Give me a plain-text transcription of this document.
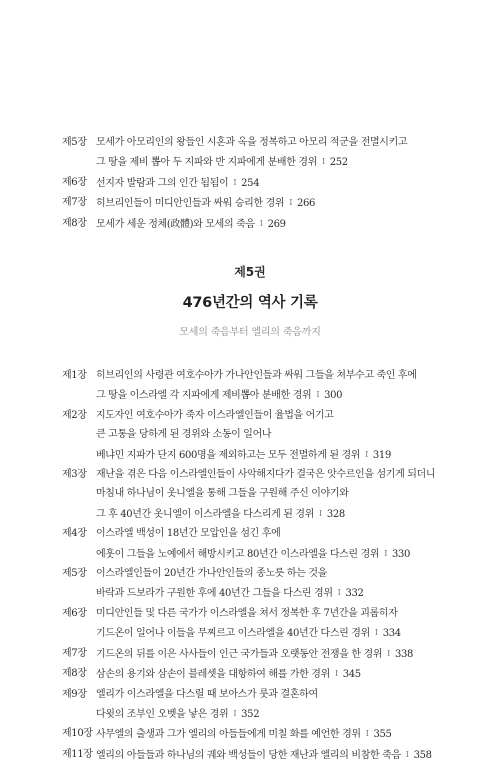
제5장 모세가 아모리인의 왕들인 시혼과 옥을 정복하고 아모리 적군을 전멸시키고
그 땅을 제비 뽑아 두 지파와 반 지파에게 분배한 경위 I 252
제6장 선지자 발람과 그의 인간 됨됨이 I 254
제7장 히브리인들이 미디안인들과 싸워 승리한 경위 I 266
제8장 모세가 세운 정체(政體)와 모세의 죽음 I 269
제5권
476년간의 역사 기록
모세의 죽음부터 엘리의 죽음까지
제1장 히브리인의 사령관 여호수아가 가나안인들과 싸워 그들을 쳐부수고 죽인 후에
그 땅을 이스라엘 각 지파에게 제비뽑아 분배한 경위 I 300
제2장 지도자인 여호수아가 죽자 이스라엘인들이 율법을 어기고
큰 고통을 당하게 된 경위와 소동이 일어나
베냐민 지파가 단지 600명을 제외하고는 모두 전멸하게 된 경위 I 319
제3장 재난을 겪은 다음 이스라엘인들이 사악해지다가 결국은 앗수르인을 섬기게 되더니
마침내 하나님이 옷니엘을 통해 그들을 구원해 주신 이야기와
그 후 40년간 옷니엘이 이스라엘을 다스리게 된 경위 I 328
제4장 이스라엘 백성이 18년간 모압인을 섬긴 후에
에훗이 그들을 노예에서 해방시키고 80년간 이스라엘을 다스린 경위 I 330
제5장 이스라엘인들이 20년간 가나안인들의 종노릇 하는 것을
바락과 드보라가 구원한 후에 40년간 그들을 다스린 경위 I 332
제6장 미디안인들 및 다른 국가가 이스라엘을 쳐서 정복한 후 7년간을 괴롭히자
기드온이 일어나 이들을 무찌르고 이스라엘을 40년간 다스린 경위 I 334
제7장 기드온의 뒤를 이은 사사들이 인근 국가들과 오랫동안 전쟁을 한 경위 I 338
제8장 삼손의 용기와 삼손이 블레셋을 대항하여 해를 가한 경위 I 345
제9장 엘리가 이스라엘을 다스릴 때 보아스가 룻과 결혼하여
다윗의 조부인 오벳을 낳은 경위 I 352
제10장 사무엘의 출생과 그가 엘리의 아들들에게 미칠 화를 예언한 경위 I 355
제11장 엘리의 아들들과 하나님의 궤와 백성들이 당한 재난과 엘리의 비참한 죽음 I 358
